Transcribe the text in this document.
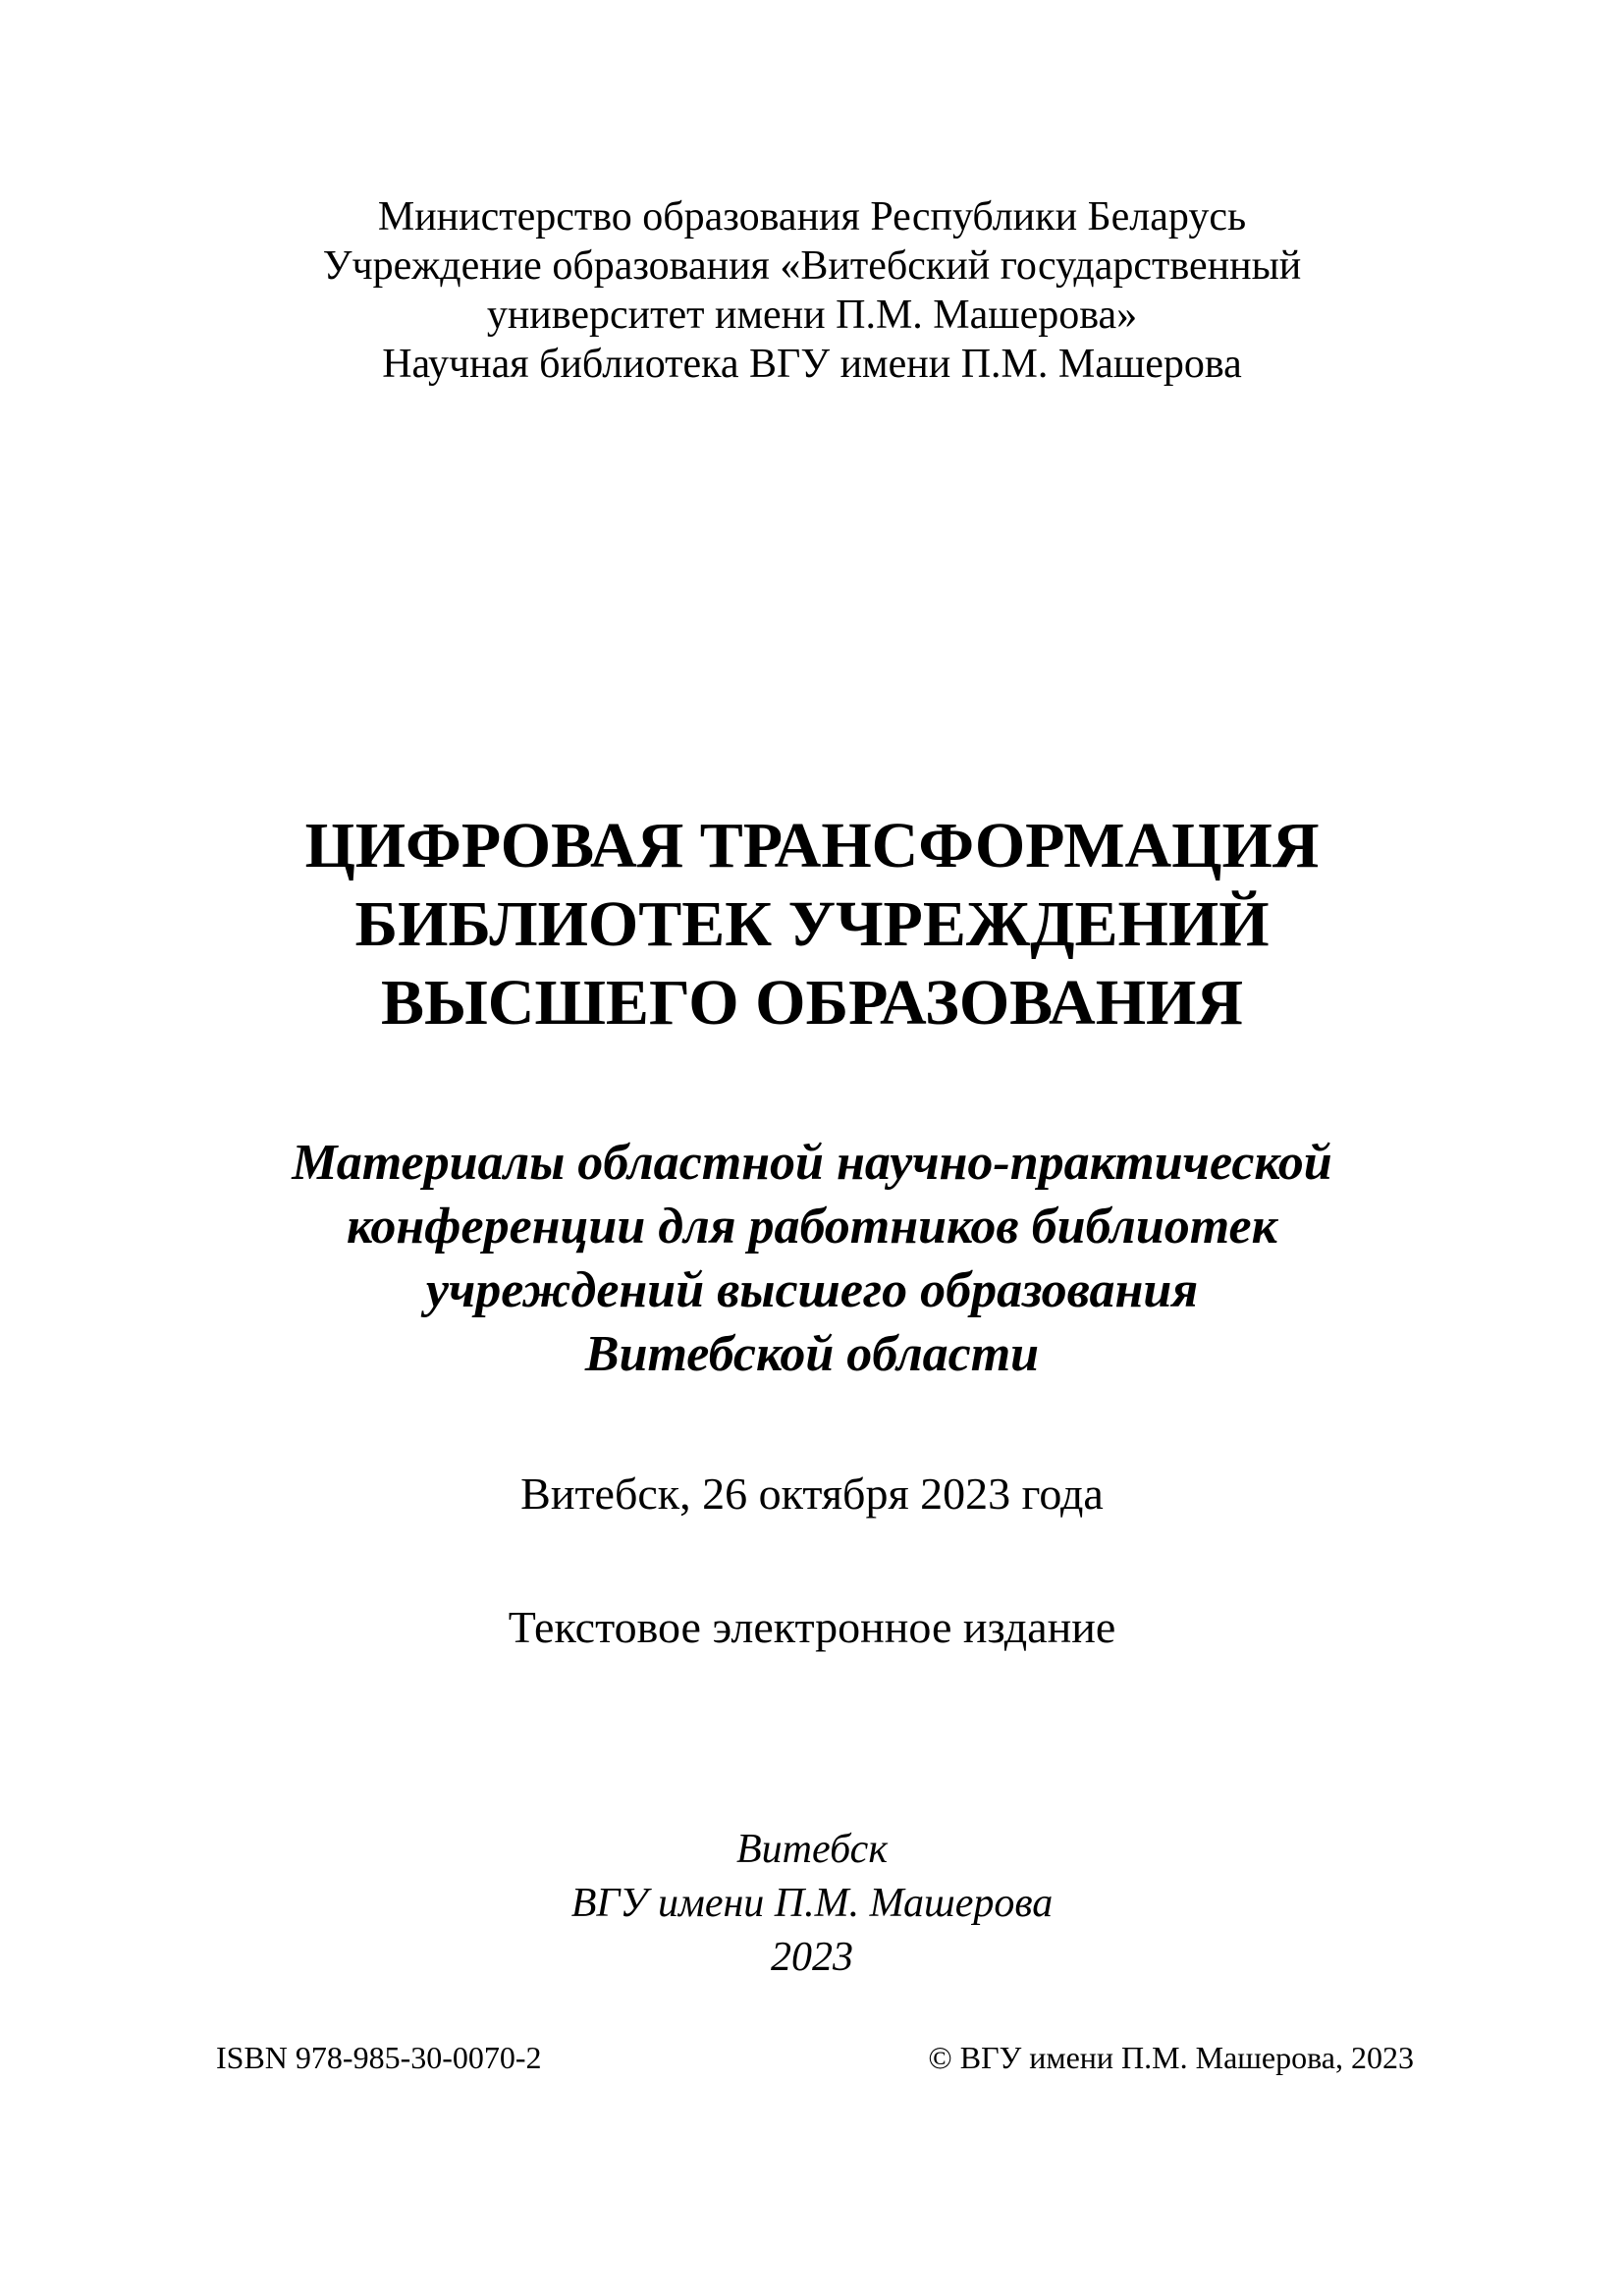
Министерство образования Республики Беларусь
Учреждение образования «Витебский государственный
университет имени П.М. Машерова»
Научная библиотека ВГУ имени П.М. Машерова
ЦИФРОВАЯ ТРАНСФОРМАЦИЯ
БИБЛИОТЕК УЧРЕЖДЕНИЙ
ВЫСШЕГО ОБРАЗОВАНИЯ
Материалы областной научно-практической
конференции для работников библиотек
учреждений высшего образования
Витебской области
Витебск, 26 октября 2023 года
Текстовое электронное издание
Витебск
ВГУ имени П.М. Машерова
2023
ISBN 978-985-30-0070-2	© ВГУ имени П.М. Машерова, 2023
